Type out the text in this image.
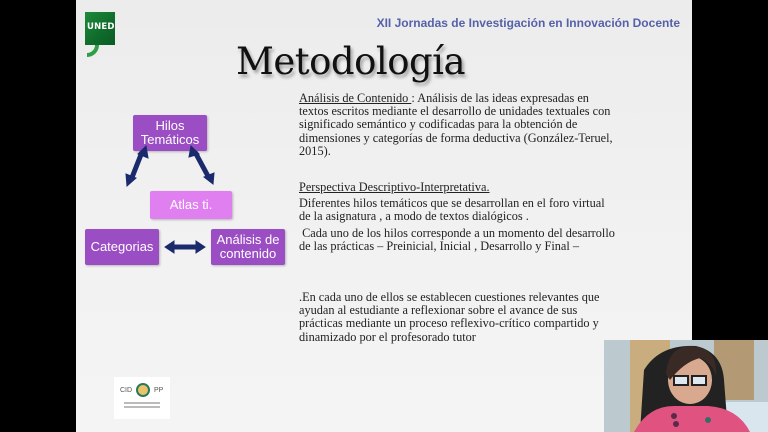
UNED	XII Jornadas de Investigación en Innovación Docente
Metodología
Hilos
Temáticos
Atlas ti.
Categorias	Análisis de
contenido
Análisis de Contenido : Análisis de las ideas expresadas en textos escritos mediante el desarrollo de unidades textuales con significado semántico y codificadas para la obtención de dimensiones y categorías de forma deductiva (González-Teruel, 2015).
Perspectiva Descriptivo-Interpretativa.
Diferentes hilos temáticos que se desarrollan en el foro virtual de la asignatura , a modo de textos dialógicos .
Cada uno de los hilos corresponde a un momento del desarrollo de las prácticas – Preinicial, Inicial , Desarrollo y Final –
.En cada uno de ellos se establecen cuestiones relevantes que ayudan al estudiante a reflexionar sobre el avance de sus prácticas mediante un proceso reflexivo-crítico compartido y dinamizado por el profesorado tutor
CID	PP
